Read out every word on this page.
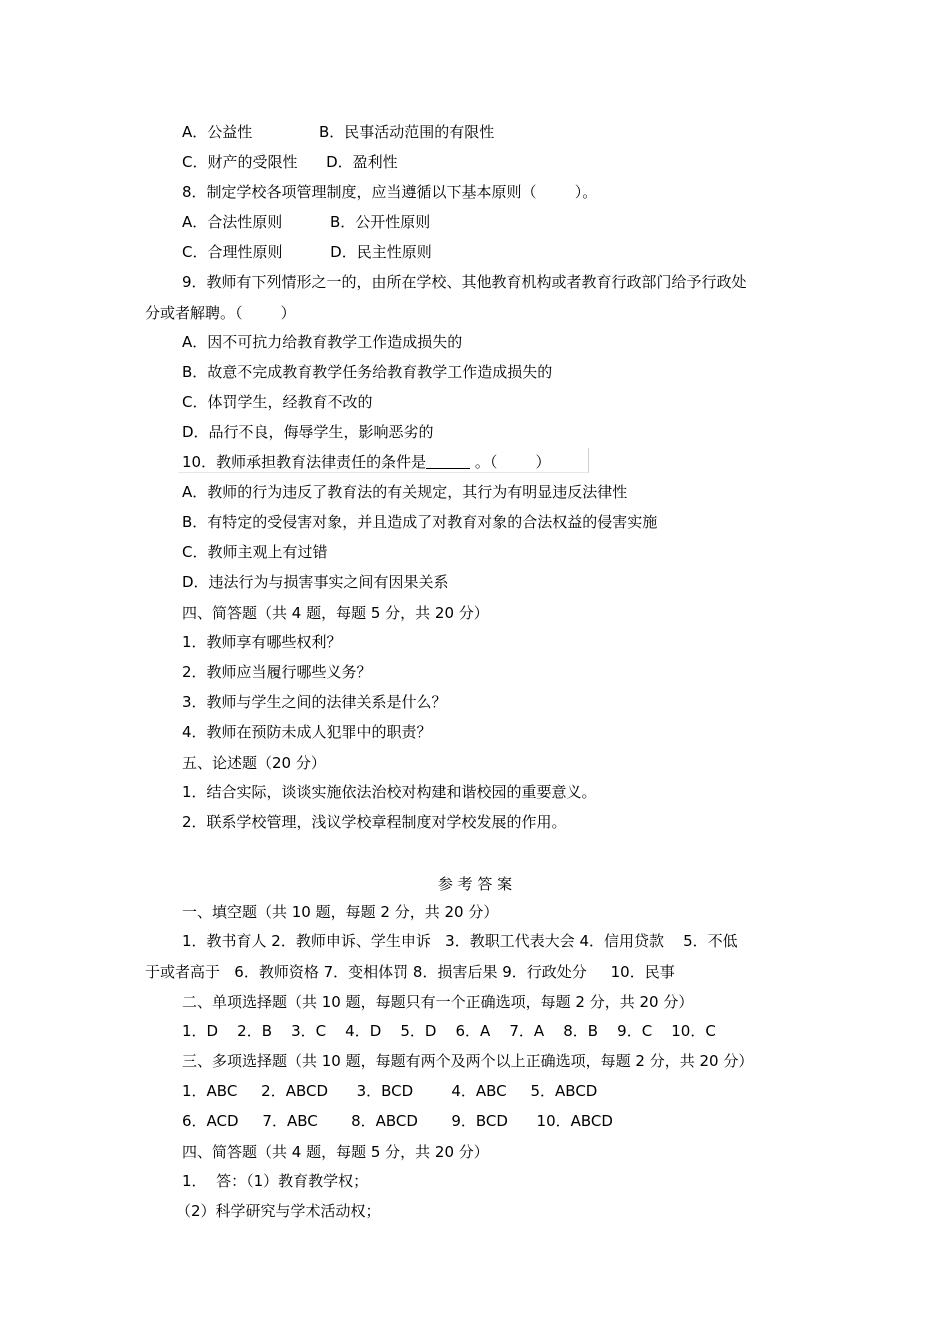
A．公益性              B．民事活动范围的有限性
C．财产的受限性      D．盈利性
8．制定学校各项管理制度，应当遵循以下基本原则（        ）。
A．合法性原则          B．公开性原则
C．合理性原则          D．民主性原则
9．教师有下列情形之一的，由所在学校、其他教育机构或者教育行政部门给予行政处
分或者解聘。（        ）
A．因不可抗力给教育教学工作造成损失的
B．故意不完成教育教学任务给教育教学工作造成损失的
C．体罚学生，经教育不改的
D．品行不良，侮辱学生，影响恶劣的
10．教师承担教育法律责任的条件是	。（        ）
A．教师的行为违反了教育法的有关规定，其行为有明显违反法律性
B．有特定的受侵害对象，并且造成了对教育对象的合法权益的侵害实施
C．教师主观上有过错
D．违法行为与损害事实之间有因果关系
四、简答题（共 4 题，每题 5 分，共 20 分）
1．教师享有哪些权利？
2．教师应当履行哪些义务？
3．教师与学生之间的法律关系是什么？
4．教师在预防未成人犯罪中的职责？
五、论述题（20 分）
1．结合实际，谈谈实施依法治校对构建和谐校园的重要意义。
2．联系学校管理，浅议学校章程制度对学校发展的作用。
参 考 答 案
一、填空题（共 10 题，每题 2 分，共 20 分）
1．教书育人 2．教师申诉、学生申诉   3．教职工代表大会 4．信用贷款    5．不低
于或者高于   6．教师资格 7．变相体罚 8．损害后果 9．行政处分     10．民事
二、单项选择题（共 10 题，每题只有一个正确选项，每题 2 分，共 20 分）
1．D    2．B    3．C    4．D    5．D    6．A    7．A    8．B    9．C    10．C
三、多项选择题（共 10 题，每题有两个及两个以上正确选项，每题 2 分，共 20 分）
1．ABC     2．ABCD      3．BCD        4．ABC     5．ABCD
6．ACD     7．ABC       8．ABCD       9．BCD      10．ABCD
四、简答题（共 4 题，每题 5 分，共 20 分）
1．  答：（1）教育教学权；
（2）科学研究与学术活动权；
